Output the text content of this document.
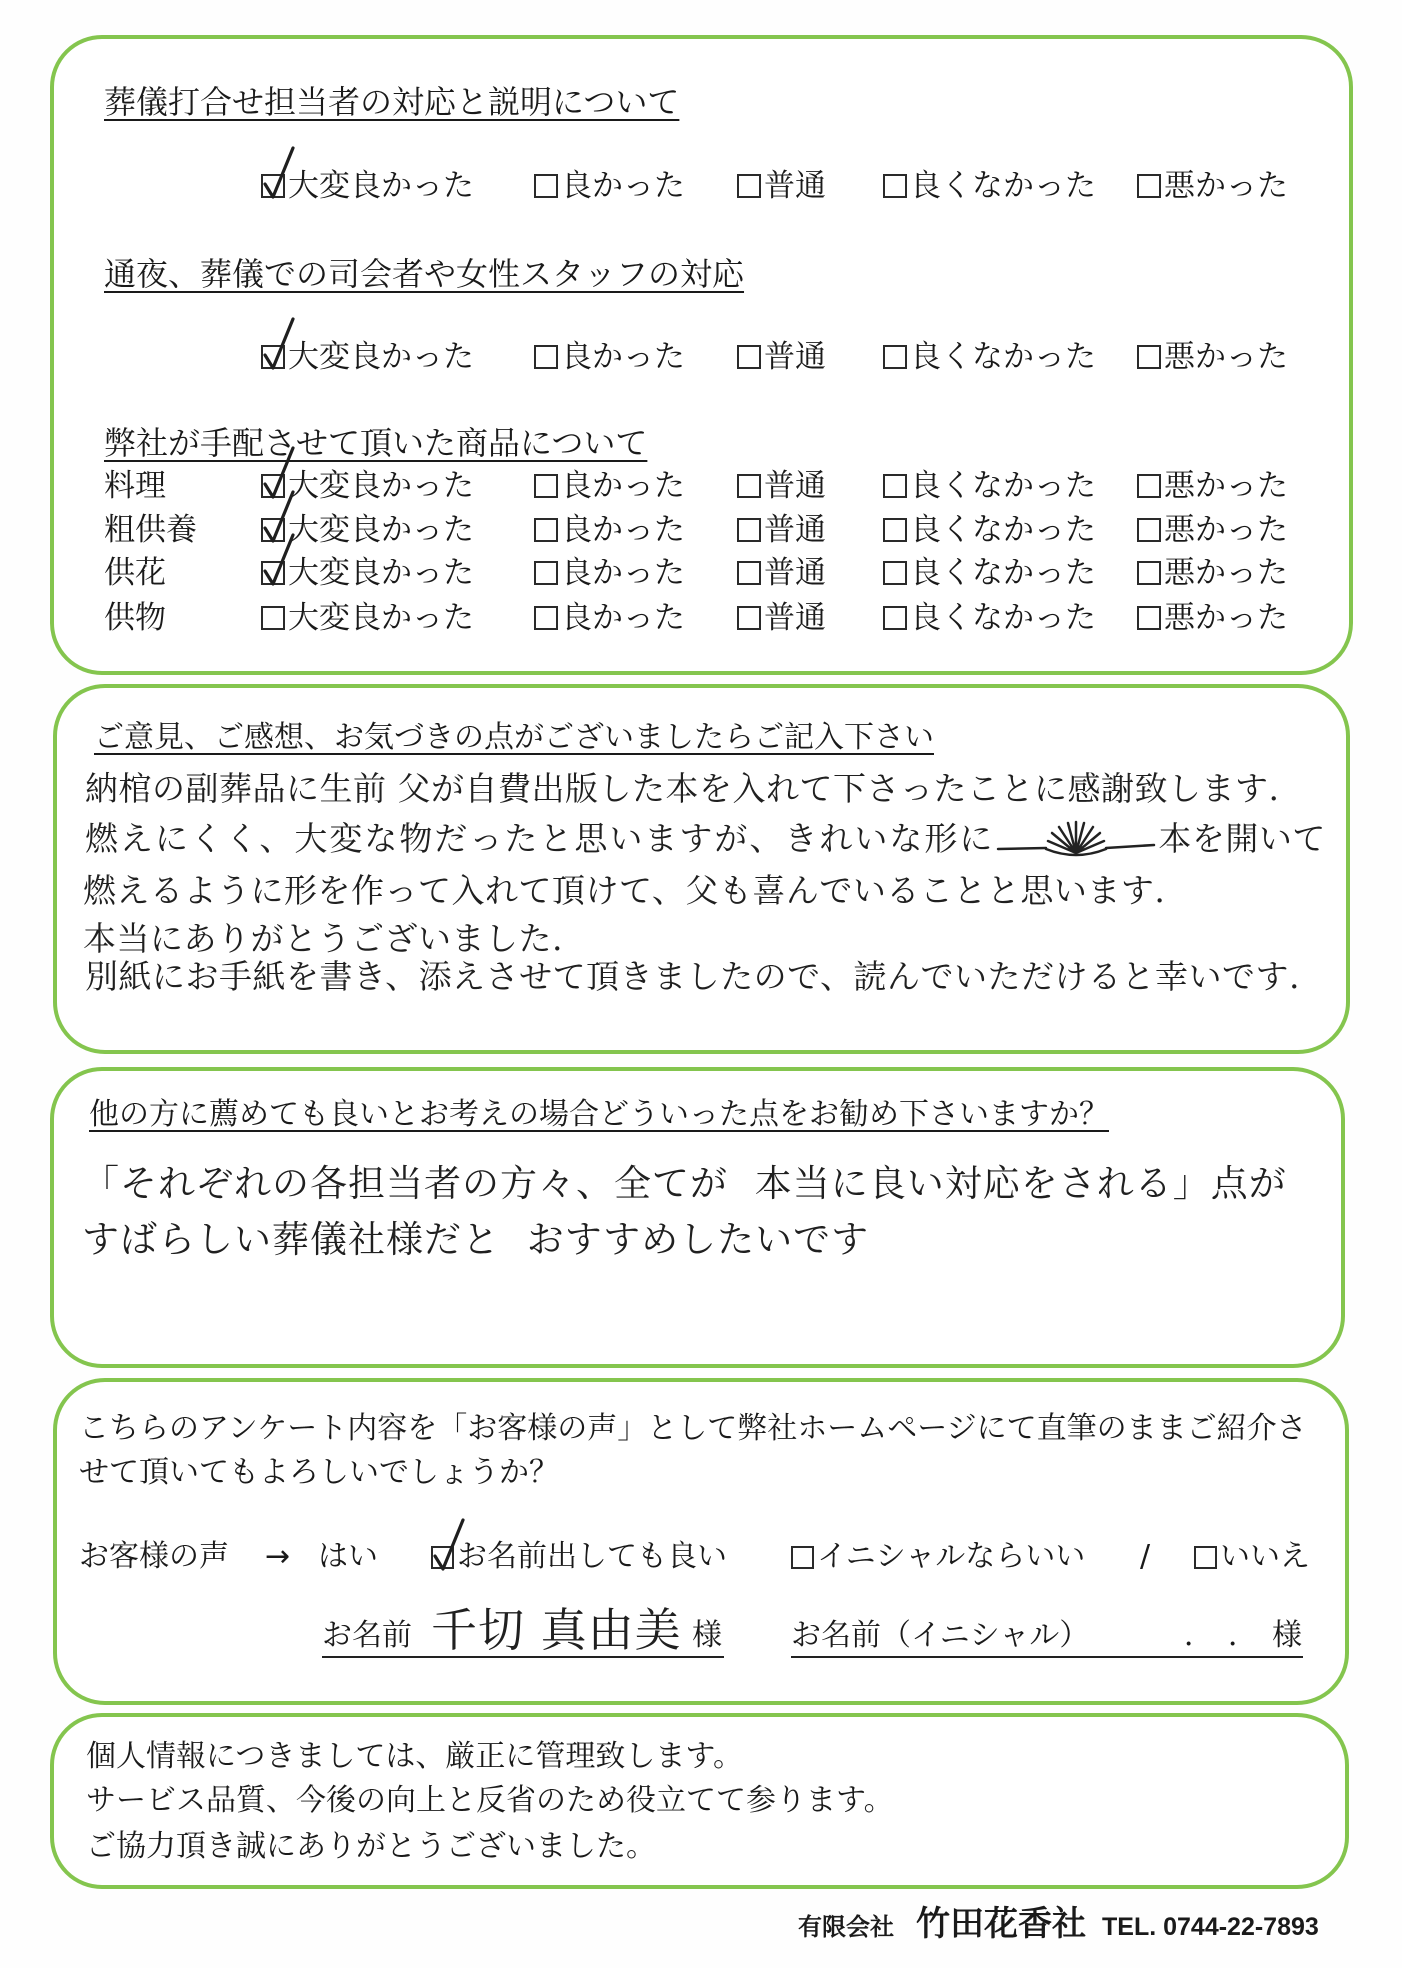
葬儀打合せ担当者の対応と説明について
大変良かった	良かった	普通	良くなかった 悪かった
通夜、葬儀での司会者や女性スタッフの対応
大変良かった	良かった	普通	良くなかった 悪かった
弊社が手配させて頂いた商品について
料理	大変良かった	良かった	普通	良くなかった 悪かった
粗供養	大変良かった	良かった	普通	良くなかった 悪かった
供花	大変良かった	良かった	普通	良くなかった 悪かった
供物	大変良かった	良かった	普通	良くなかった 悪かった
ご意見、ご感想、お気づきの点がございましたらご記入下さい
納棺の副葬品に生前 父が自費出版した本を入れて下さったことに感謝致します.
燃えにくく、大変な物だったと思いますが、きれいな形に	本を開いて
燃えるように形を作って入れて頂けて、父も喜んでいることと思います.
本当にありがとうございました.
別紙にお手紙を書き、添えさせて頂きましたので、読んでいただけると幸いです.
他の方に薦めても良いとお考えの場合どういった点をお勧め下さいますか？
「それぞれの各担当者の方々、全てが 本当に良い対応をされる」点が
すばらしい葬儀社様だと おすすめしたいです
こちらのアンケート内容を「お客様の声」として弊社ホームページにて直筆のままご紹介さ
せて頂いてもよろしいでしょうか？
お客様の声 → はい	お名前出しても良い	イニシャルならいい / いいえ
お名前 千切 真由美 様 お名前（イニシャル）	． ． 様
個人情報につきましては、厳正に管理致します。
サービス品質、今後の向上と反省のため役立てて参ります。
ご協力頂き誠にありがとうございました。
有限会社 竹田花香社 TEL. 0744-22-7893
